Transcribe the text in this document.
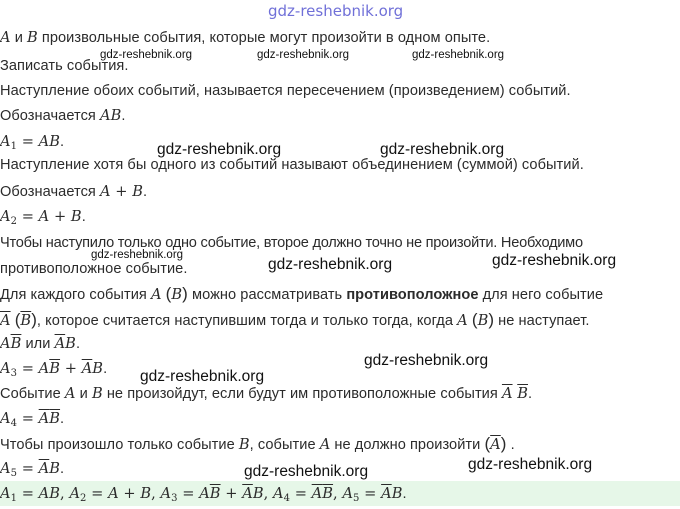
gdz-reshebnik.org
A и B произвольные события, которые могут произойти в одном опыте.
Записать события.
Наступление обоих событий, называется пересечением (произведением) событий.
Обозначается AB.
$A_1$ = AB.
Наступление хотя бы одного из событий называют объединением (суммой) событий.
Обозначается A + B.
$A_2 = A + B$.
Чтобы наступило только одно событие, второе должно точно не произойти. Необходимо
противоположное событие.
Для каждого события A (B) можно рассматривать противоположное для него событие
$\overline{A}$ $(\overline{B})$, которое считается наступившим тогда и только тогда, когда A (B) не наступает.
$A\overline{B}$ или $\overline{A}B$.
$A_3 = A\overline{B} + \overline{A}B$.
Событие A и B не произойдут, если будут им противоположные события $\overline{A}$ $\overline{B}$.
$A_4$ = AB.
Чтобы произошло только событие B, событие A не должно произойти $(\overline{A})$ .
$A_5 = \overline{A}B$.
$A_1$ = AB, $A_2 = A + B$, $A_3 = A\overline{B} + \overline{A}B$, $A_4$ = AB, $A_5 = \overline{A}B$.
gdz-reshebnik.org	gdz-reshebnik.org	gdz-reshebnik.org
gdz-reshebnik.org	gdz-reshebnik.org
gdz-reshebnik.org
gdz-reshebnik.org	gdz-reshebnik.org
gdz-reshebnik.org
gdz-reshebnik.org
gdz-reshebnik.org	gdz-reshebnik.org
